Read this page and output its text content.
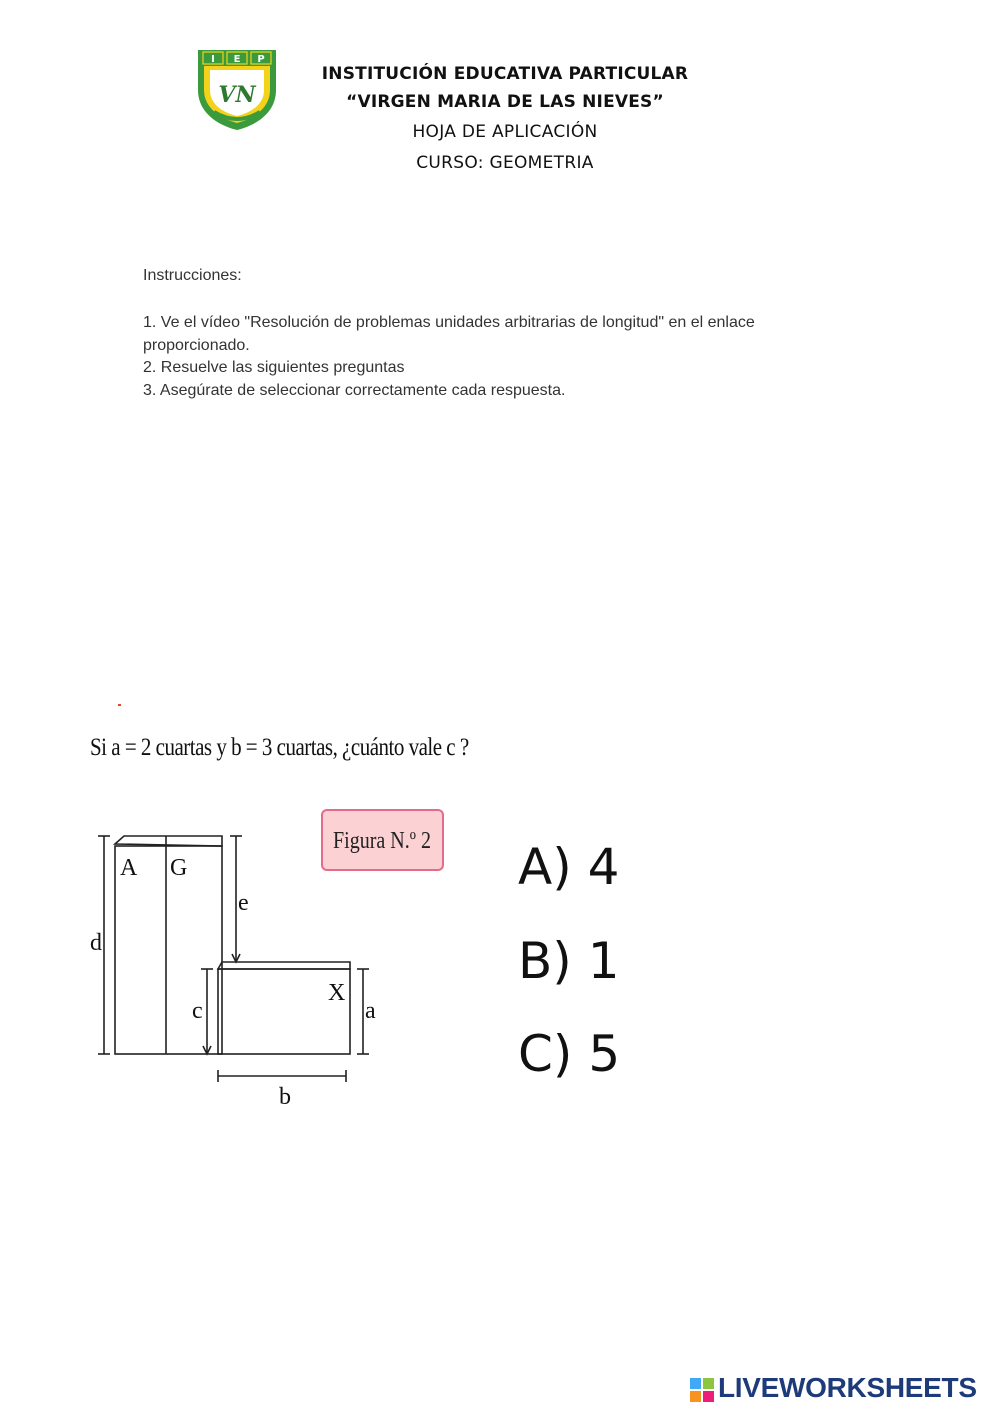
I E P
VN
INSTITUCIÓN EDUCATIVA PARTICULAR
“VIRGEN MARIA DE LAS NIEVES”
HOJA DE APLICACIÓN
CURSO: GEOMETRIA
Instrucciones:
1. Ve el vídeo "Resolución de problemas unidades arbitrarias de longitud" en el enlace
proporcionado.
2. Resuelve las siguientes preguntas
3. Asegúrate de seleccionar correctamente cada respuesta.
Si a = 2 cuartas y b = 3 cuartas, ¿cuánto vale c ?
A G
X
d
e
c	a
b
Figura N.º 2 A) 4
B) 1
C) 5
LIVEWORKSHEETS
